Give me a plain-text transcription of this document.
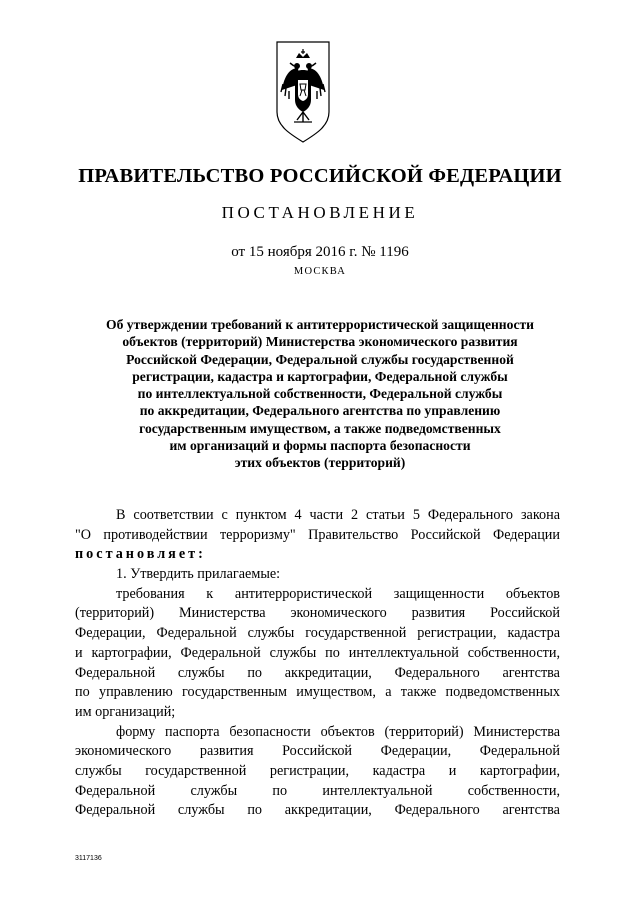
ПРАВИТЕЛЬСТВО РОССИЙСКОЙ ФЕДЕРАЦИИ
ПОСТАНОВЛЕНИЕ
от 15 ноября 2016 г. № 1196
МОСКВА
Об утверждении требований к антитеррористической защищенности
объектов (территорий) Министерства экономического развития
Российской Федерации, Федеральной службы государственной
регистрации, кадастра и картографии, Федеральной службы
по интеллектуальной собственности, Федеральной службы
по аккредитации, Федерального агентства по управлению
государственным имуществом, а также подведомственных
им организаций и формы паспорта безопасности
этих объектов (территорий)
В соответствии с пунктом 4 части 2 статьи 5 Федерального закона
"О противодействии терроризму" Правительство Российской Федерации
постановляет:
1. Утвердить прилагаемые:
требования к антитеррористической защищенности объектов
(территорий) Министерства экономического развития Российской
Федерации, Федеральной службы государственной регистрации, кадастра
и картографии, Федеральной службы по интеллектуальной собственности,
Федеральной службы по аккредитации, Федерального агентства
по управлению государственным имуществом, а также подведомственных
им организаций;
форму паспорта безопасности объектов (территорий) Министерства
экономического развития Российской Федерации, Федеральной
службы государственной регистрации, кадастра и картографии,
Федеральной службы по интеллектуальной собственности,
Федеральной службы по аккредитации, Федерального агентства
3117136
